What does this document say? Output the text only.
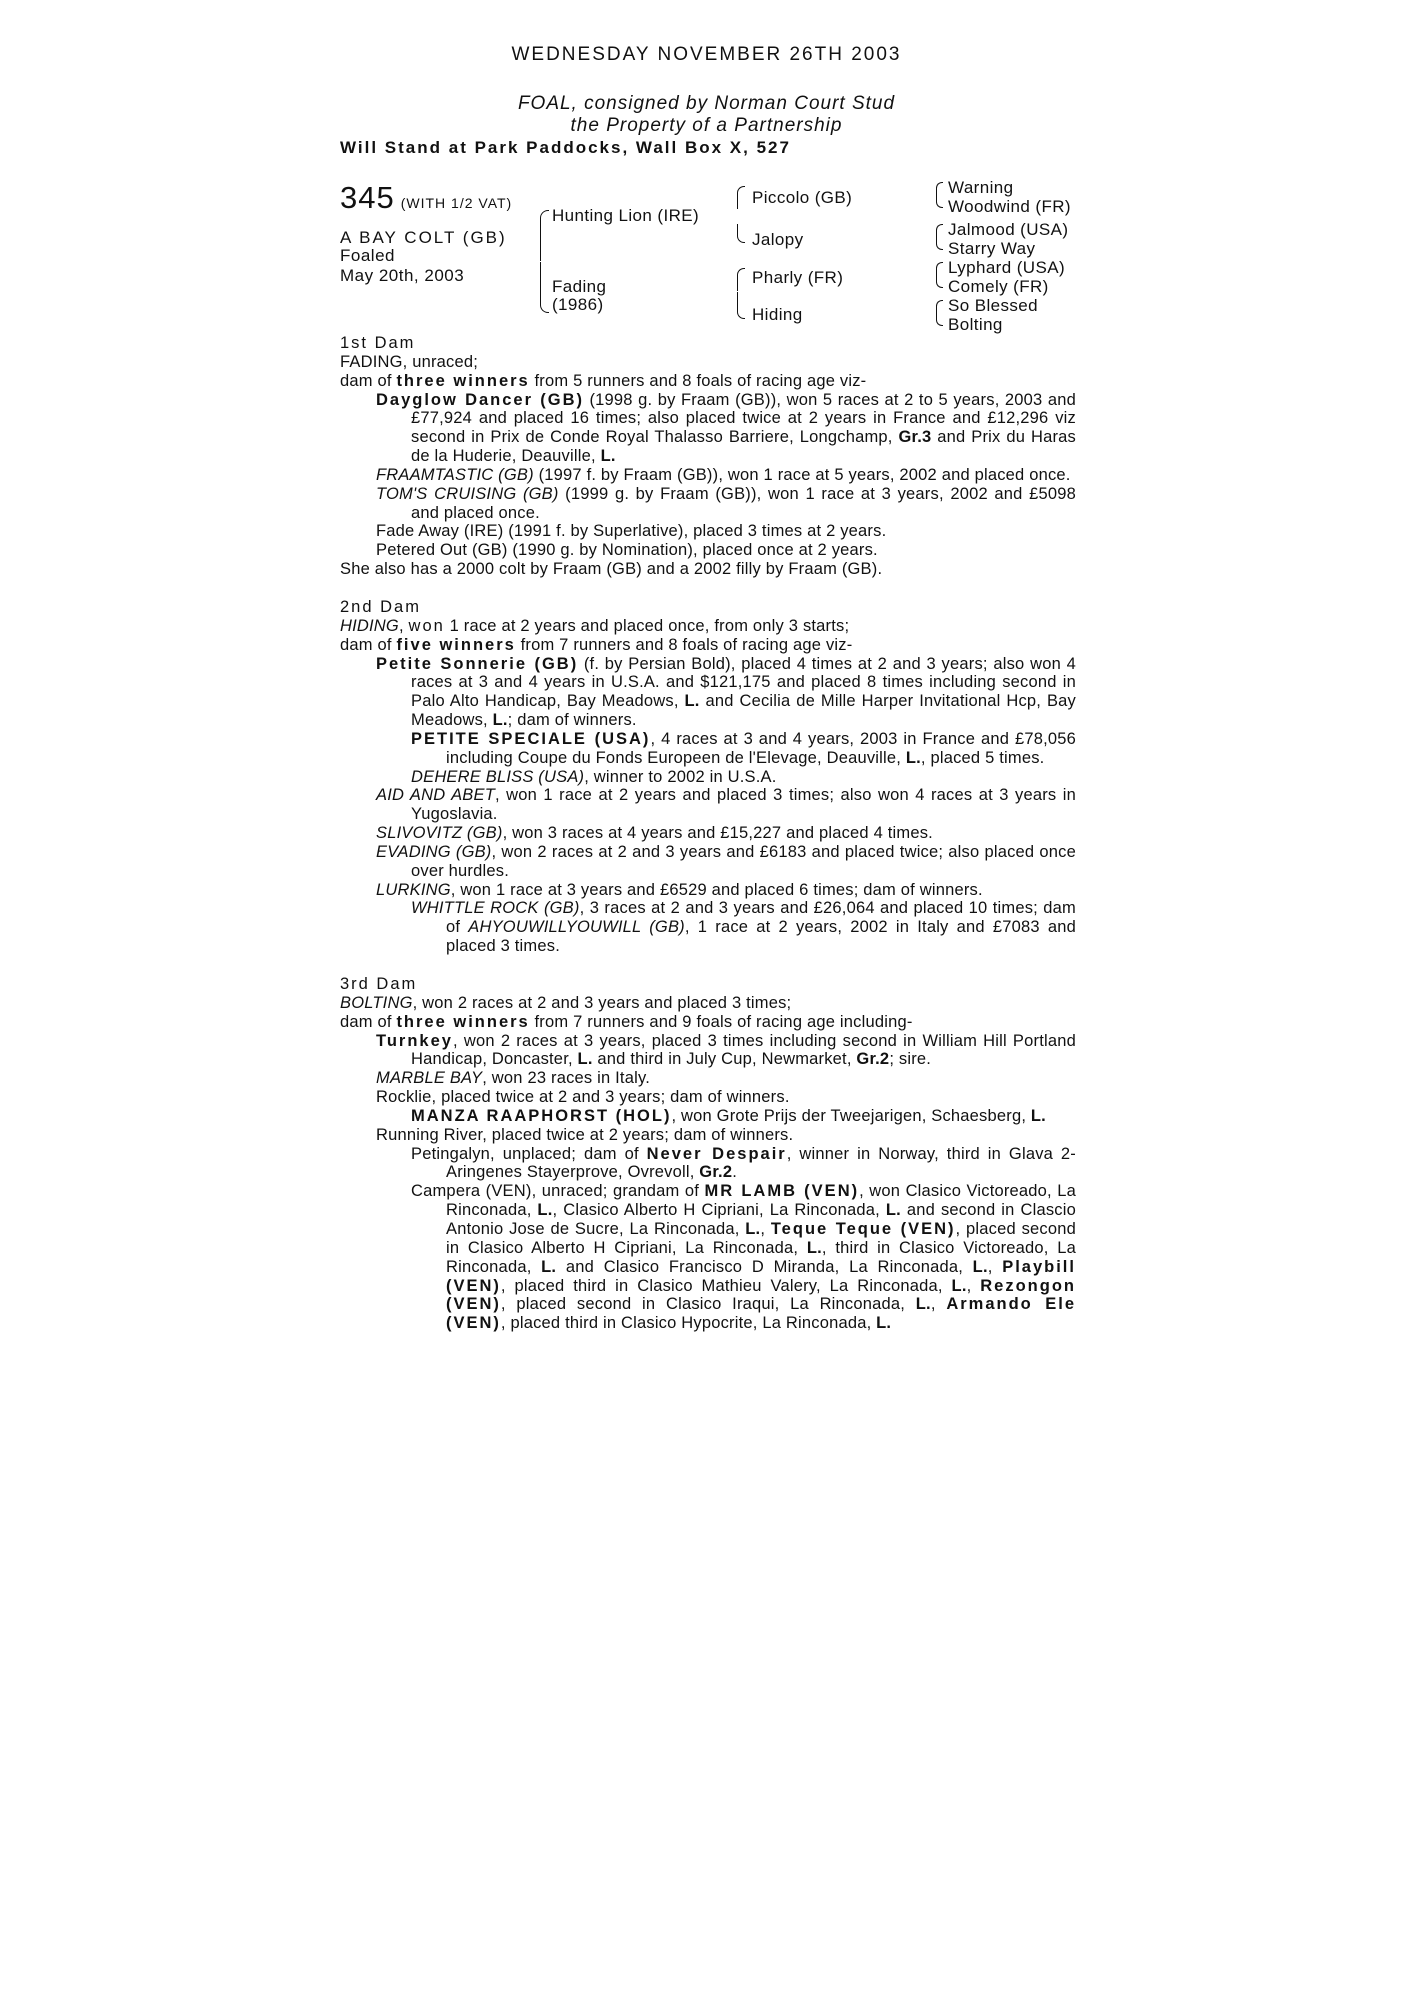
WEDNESDAY NOVEMBER 26TH 2003
FOAL, consigned by Norman Court Stud
the Property of a Partnership
Will Stand at Park Paddocks, Wall Box X, 527
345 (WITH 1/2 VAT)
A BAY COLT (GB)
Foaled
May 20th, 2003
Hunting Lion (IRE)
Fading
(1986)
Piccolo (GB)
Jalopy
Pharly (FR)
Hiding
Warning
Woodwind (FR)
Jalmood (USA)
Starry Way
Lyphard (USA)
Comely (FR)
So Blessed
Bolting

1st Dam

FADING, unraced;

dam of three winners from 5 runners and 8 foals of racing age viz-

Dayglow Dancer (GB) (1998 g. by Fraam (GB)), won 5 races at 2 to 5 years, 2003 and £77,924 and placed 16 times; also placed twice at 2 years in France and £12,296 viz second in Prix de Conde Royal Thalasso Barriere, Longchamp, Gr.3 and Prix du Haras de la Huderie, Deauville, L.

FRAAMTASTIC (GB) (1997 f. by Fraam (GB)), won 1 race at 5 years, 2002 and placed once.

TOM'S CRUISING (GB) (1999 g. by Fraam (GB)), won 1 race at 3 years, 2002 and £5098 and placed once.

Fade Away (IRE) (1991 f. by Superlative), placed 3 times at 2 years.

Petered Out (GB) (1990 g. by Nomination), placed once at 2 years.

She also has a 2000 colt by Fraam (GB) and a 2002 filly by Fraam (GB).

2nd Dam

HIDING, won 1 race at 2 years and placed once, from only 3 starts;

dam of five winners from 7 runners and 8 foals of racing age viz-

Petite Sonnerie (GB) (f. by Persian Bold), placed 4 times at 2 and 3 years; also won 4 races at 3 and 4 years in U.S.A. and $121,175 and placed 8 times including second in Palo Alto Handicap, Bay Meadows, L. and Cecilia de Mille Harper Invitational Hcp, Bay Meadows, L.; dam of winners.

PETITE SPECIALE (USA), 4 races at 3 and 4 years, 2003 in France and £78,056 including Coupe du Fonds Europeen de l'Elevage, Deauville, L., placed 5 times.

DEHERE BLISS (USA), winner to 2002 in U.S.A.

AID AND ABET, won 1 race at 2 years and placed 3 times; also won 4 races at 3 years in Yugoslavia.

SLIVOVITZ (GB), won 3 races at 4 years and £15,227 and placed 4 times.

EVADING (GB), won 2 races at 2 and 3 years and £6183 and placed twice; also placed once over hurdles.

LURKING, won 1 race at 3 years and £6529 and placed 6 times; dam of winners.

WHITTLE ROCK (GB), 3 races at 2 and 3 years and £26,064 and placed 10 times; dam of AHYOUWILLYOUWILL (GB), 1 race at 2 years, 2002 in Italy and £7083 and placed 3 times.

3rd Dam

BOLTING, won 2 races at 2 and 3 years and placed 3 times;

dam of three winners from 7 runners and 9 foals of racing age including-

Turnkey, won 2 races at 3 years, placed 3 times including second in William Hill Portland Handicap, Doncaster, L. and third in July Cup, Newmarket, Gr.2; sire.

MARBLE BAY, won 23 races in Italy.

Rocklie, placed twice at 2 and 3 years; dam of winners.

MANZA RAAPHORST (HOL), won Grote Prijs der Tweejarigen, Schaesberg, L.

Running River, placed twice at 2 years; dam of winners.

Petingalyn, unplaced; dam of Never Despair, winner in Norway, third in Glava 2-Aringenes Stayerprove, Ovrevoll, Gr.2.

Campera (VEN), unraced; grandam of MR LAMB (VEN), won Clasico Victoreado, La Rinconada, L., Clasico Alberto H Cipriani, La Rinconada, L. and second in Clascio Antonio Jose de Sucre, La Rinconada, L., Teque Teque (VEN), placed second in Clasico Alberto H Cipriani, La Rinconada, L., third in Clasico Victoreado, La Rinconada, L. and Clasico Francisco D Miranda, La Rinconada, L., Playbill (VEN), placed third in Clasico Mathieu Valery, La Rinconada, L., Rezongon (VEN), placed second in Clasico Iraqui, La Rinconada, L., Armando Ele (VEN), placed third in Clasico Hypocrite, La Rinconada, L.
